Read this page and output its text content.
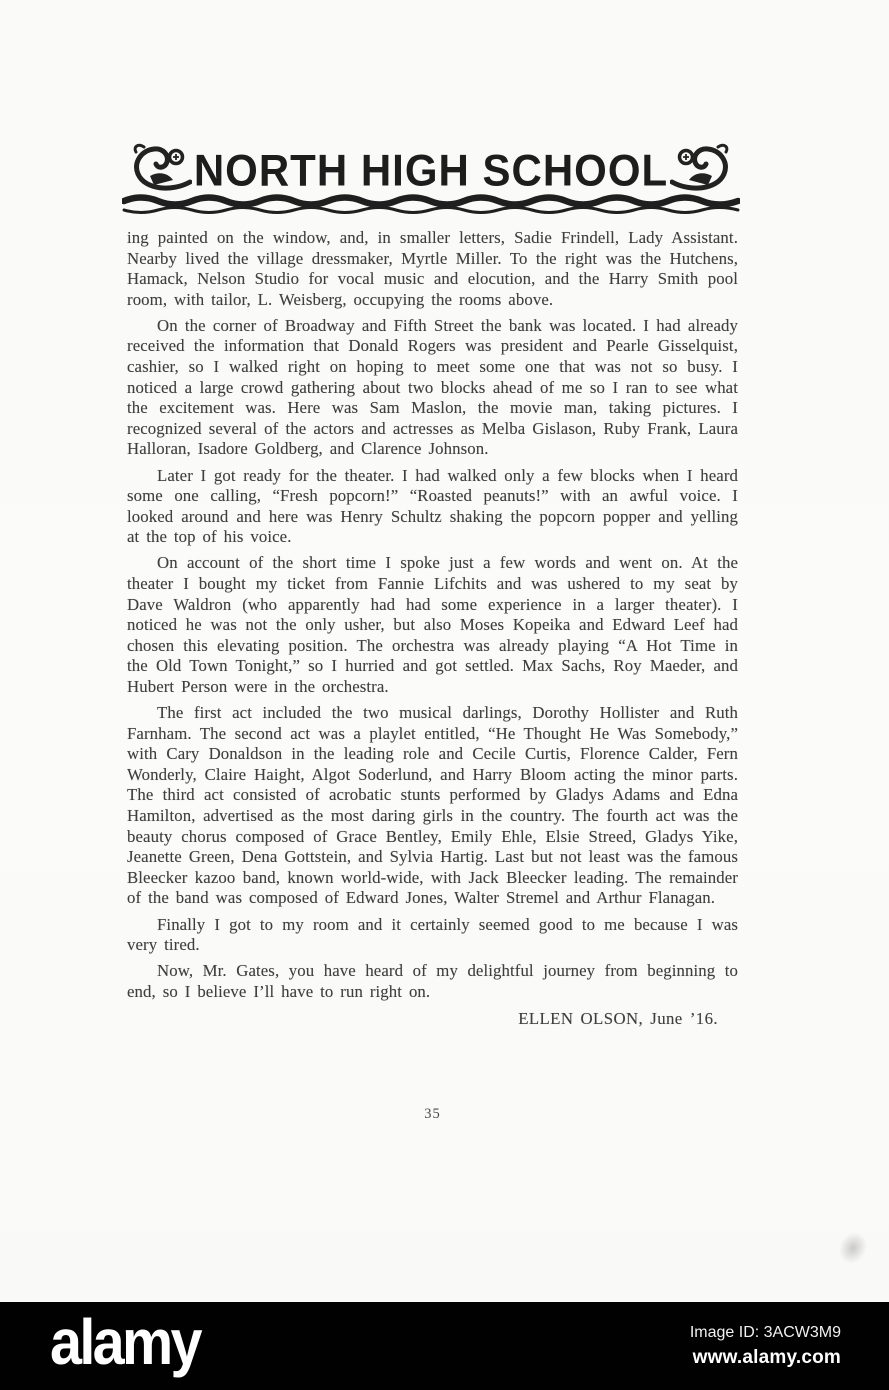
NORTH HIGH SCHOOL

ing painted on the window, and, in smaller letters, Sadie Frindell, Lady Assistant. Nearby lived the village dressmaker, Myrtle Miller. To the right was the Hutchens, Hamack, Nelson Studio for vocal music and elocution, and the Harry Smith pool room, with tailor, L. Weisberg, occupying the rooms above.

On the corner of Broadway and Fifth Street the bank was located. I had already received the information that Donald Rogers was president and Pearle Gisselquist, cashier, so I walked right on hoping to meet some one that was not so busy. I noticed a large crowd gathering about two blocks ahead of me so I ran to see what the excitement was. Here was Sam Maslon, the movie man, taking pictures. I recognized several of the actors and actresses as Melba Gislason, Ruby Frank, Laura Halloran, Isadore Goldberg, and Clarence Johnson.

Later I got ready for the theater. I had walked only a few blocks when I heard some one calling, “Fresh popcorn!” “Roasted peanuts!” with an awful voice. I looked around and here was Henry Schultz shaking the popcorn popper and yelling at the top of his voice.

On account of the short time I spoke just a few words and went on. At the theater I bought my ticket from Fannie Lifchits and was ushered to my seat by Dave Waldron (who apparently had had some experience in a larger theater). I noticed he was not the only usher, but also Moses Kopeika and Edward Leef had chosen this elevating position. The orchestra was already playing “A Hot Time in the Old Town Tonight,” so I hurried and got settled. Max Sachs, Roy Maeder, and Hubert Person were in the orchestra.

The first act included the two musical darlings, Dorothy Hollister and Ruth Farnham. The second act was a playlet entitled, “He Thought He Was Somebody,” with Cary Donaldson in the leading role and Cecile Curtis, Florence Calder, Fern Wonderly, Claire Haight, Algot Soderlund, and Harry Bloom acting the minor parts. The third act consisted of acrobatic stunts performed by Gladys Adams and Edna Hamilton, advertised as the most daring girls in the country. The fourth act was the beauty chorus composed of Grace Bentley, Emily Ehle, Elsie Streed, Gladys Yike, Jeanette Green, Dena Gottstein, and Sylvia Hartig. Last but not least was the famous Bleecker kazoo band, known world-wide, with Jack Bleecker leading. The remainder of the band was composed of Edward Jones, Walter Stremel and Arthur Flanagan.

Finally I got to my room and it certainly seemed good to me because I was very tired.

Now, Mr. Gates, you have heard of my delightful journey from beginning to end, so I believe I’ll have to run right on.

ELLEN OLSON, June ’16.
35
alamy	Image ID: 3ACW3M9
www.alamy.com
